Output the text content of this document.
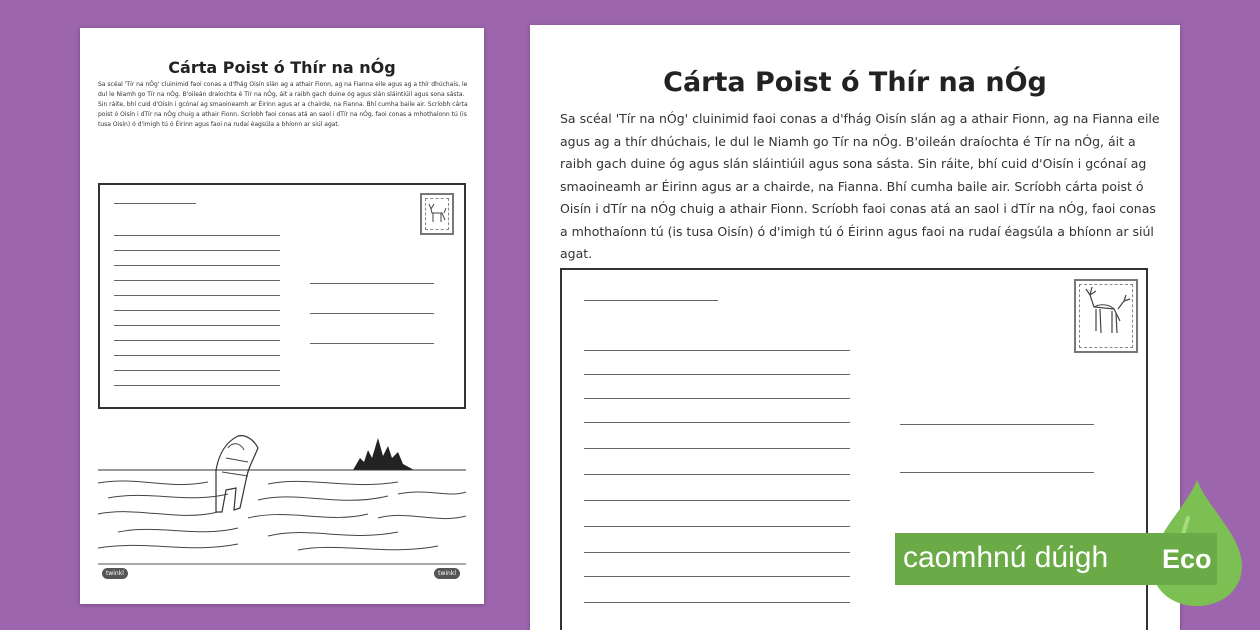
Cárta Poist ó Thír na nÓg
Sa scéal 'Tír na nÓg' cluinimid faoi conas a d'fhág Oisín slán ag a athair Fionn, ag na Fianna eile agus ag a thír dhúchais, le dul le Niamh go Tír na nÓg. B'oileán draíochta é Tír na nÓg, áit a raibh gach duine óg agus slán sláintiúil agus sona sásta. Sin ráite, bhí cuid d'Oisín i gcónaí ag smaoineamh ar Éirinn agus ar a chairde, na Fianna. Bhí cumha baile air. Scríobh cárta poist ó Oisín i dTír na nÓg chuig a athair Fionn. Scríobh faoi conas atá an saol i dTír na nÓg, faoi conas a mhothaíonn tú (is tusa Oisín) ó d'imigh tú ó Éirinn agus faoi na rudaí éagsúla a bhíonn ar siúl agat.
twinkl	twinkl
Cárta Poist ó Thír na nÓg
Sa scéal 'Tír na nÓg' cluinimid faoi conas a d'fhág Oisín slán ag a athair Fionn, ag na Fianna eile agus ag a thír dhúchais, le dul le Niamh go Tír na nÓg. B'oileán draíochta é Tír na nÓg, áit a raibh gach duine óg agus slán sláintiúil agus sona sásta. Sin ráite, bhí cuid d'Oisín i gcónaí ag smaoineamh ar Éirinn agus ar a chairde, na Fianna. Bhí cumha baile air. Scríobh cárta poist ó Oisín i dTír na nÓg chuig a athair Fionn. Scríobh faoi conas atá an saol i dTír na nÓg, faoi conas a mhothaíonn tú (is tusa Oisín) ó d'imigh tú ó Éirinn agus faoi na rudaí éagsúla a bhíonn ar siúl agat.
caomhnú dúigh Eco
